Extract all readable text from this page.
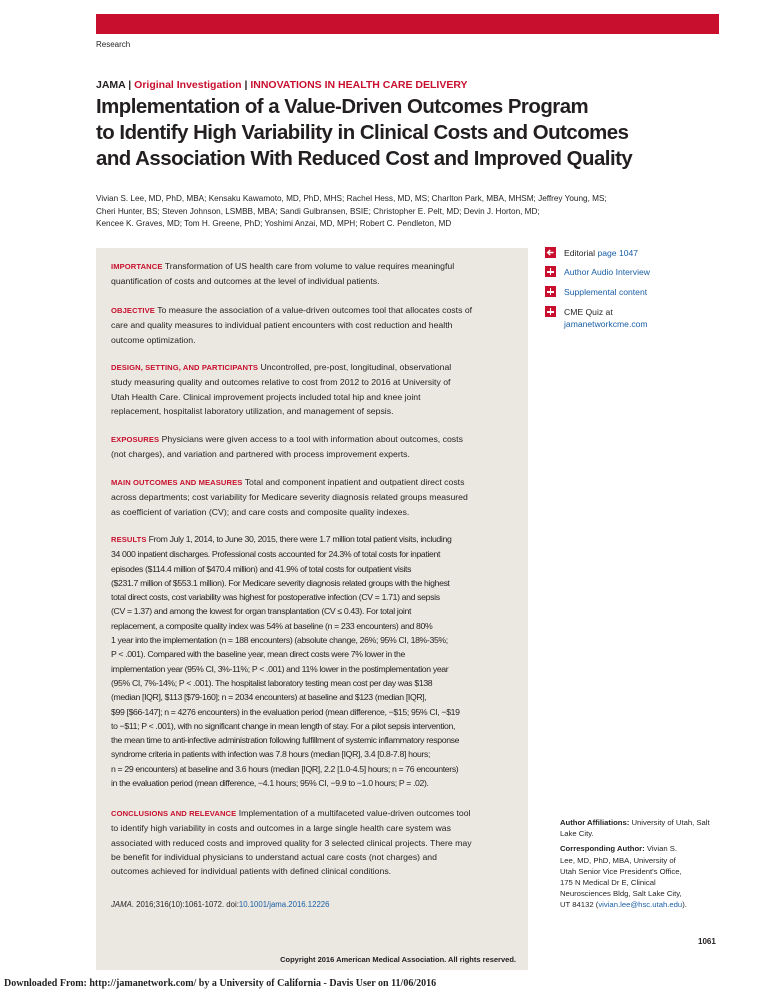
Research
JAMA | Original Investigation | INNOVATIONS IN HEALTH CARE DELIVERY
Implementation of a Value-Driven Outcomes Program
to Identify High Variability in Clinical Costs and Outcomes
and Association With Reduced Cost and Improved Quality
Vivian S. Lee, MD, PhD, MBA; Kensaku Kawamoto, MD, PhD, MHS; Rachel Hess, MD, MS; Charlton Park, MBA, MHSM; Jeffrey Young, MS;
Cheri Hunter, BS; Steven Johnson, LSMBB, MBA; Sandi Gulbransen, BSIE; Christopher E. Pelt, MD; Devin J. Horton, MD;
Kencee K. Graves, MD; Tom H. Greene, PhD; Yoshimi Anzai, MD, MPH; Robert C. Pendleton, MD
IMPORTANCE Transformation of US health care from volume to value requires meaningful
quantification of costs and outcomes at the level of individual patients.
OBJECTIVE To measure the association of a value-driven outcomes tool that allocates costs of
care and quality measures to individual patient encounters with cost reduction and health
outcome optimization.
DESIGN, SETTING, AND PARTICIPANTS Uncontrolled, pre-post, longitudinal, observational
study measuring quality and outcomes relative to cost from 2012 to 2016 at University of
Utah Health Care. Clinical improvement projects included total hip and knee joint
replacement, hospitalist laboratory utilization, and management of sepsis.
EXPOSURES Physicians were given access to a tool with information about outcomes, costs
(not charges), and variation and partnered with process improvement experts.
MAIN OUTCOMES AND MEASURES Total and component inpatient and outpatient direct costs
across departments; cost variability for Medicare severity diagnosis related groups measured
as coefficient of variation (CV); and care costs and composite quality indexes.
RESULTS From July 1, 2014, to June 30, 2015, there were 1.7 million total patient visits, including
34 000 inpatient discharges. Professional costs accounted for 24.3% of total costs for inpatient
episodes ($114.4 million of $470.4 million) and 41.9% of total costs for outpatient visits
($231.7 million of $553.1 million). For Medicare severity diagnosis related groups with the highest
total direct costs, cost variability was highest for postoperative infection (CV = 1.71) and sepsis
(CV = 1.37) and among the lowest for organ transplantation (CV ≤ 0.43). For total joint
replacement, a composite quality index was 54% at baseline (n = 233 encounters) and 80%
1 year into the implementation (n = 188 encounters) (absolute change, 26%; 95% CI, 18%-35%;
P < .001). Compared with the baseline year, mean direct costs were 7% lower in the
implementation year (95% CI, 3%-11%; P < .001) and 11% lower in the postimplementation year
(95% CI, 7%-14%; P < .001). The hospitalist laboratory testing mean cost per day was $138
(median [IQR], $113 [$79-160]; n = 2034 encounters) at baseline and $123 (median [IQR],
$99 [$66-147]; n = 4276 encounters) in the evaluation period (mean difference, −$15; 95% CI, −$19
to −$11; P < .001), with no significant change in mean length of stay. For a pilot sepsis intervention,
the mean time to anti-infective administration following fulfillment of systemic inflammatory response
syndrome criteria in patients with infection was 7.8 hours (median [IQR], 3.4 [0.8-7.8] hours;
n = 29 encounters) at baseline and 3.6 hours (median [IQR], 2.2 [1.0-4.5] hours; n = 76 encounters)
in the evaluation period (mean difference, −4.1 hours; 95% CI, −9.9 to −1.0 hours; P = .02).
CONCLUSIONS AND RELEVANCE Implementation of a multifaceted value-driven outcomes tool
to identify high variability in costs and outcomes in a large single health care system was
associated with reduced costs and improved quality for 3 selected clinical projects. There may
be benefit for individual physicians to understand actual care costs (not charges) and
outcomes achieved for individual patients with defined clinical conditions.
JAMA. 2016;316(10):1061-1072. doi:10.1001/jama.2016.12226
Copyright 2016 American Medical Association. All rights reserved.
Downloaded From: http://jamanetwork.com/ by a University of California - Davis User on 11/06/2016
Editorial page 1047
Author Audio Interview
Supplemental content
CME Quiz at
jamanetworkcme.com

Author Affiliations: University of Utah, Salt Lake City.

Corresponding Author: Vivian S.
Lee, MD, PhD, MBA, University of
Utah Senior Vice President's Office,
175 N Medical Dr E, Clinical
Neurosciences Bldg, Salt Lake City,
UT 84132 (vivian.lee@hsc.utah.edu).

1061
